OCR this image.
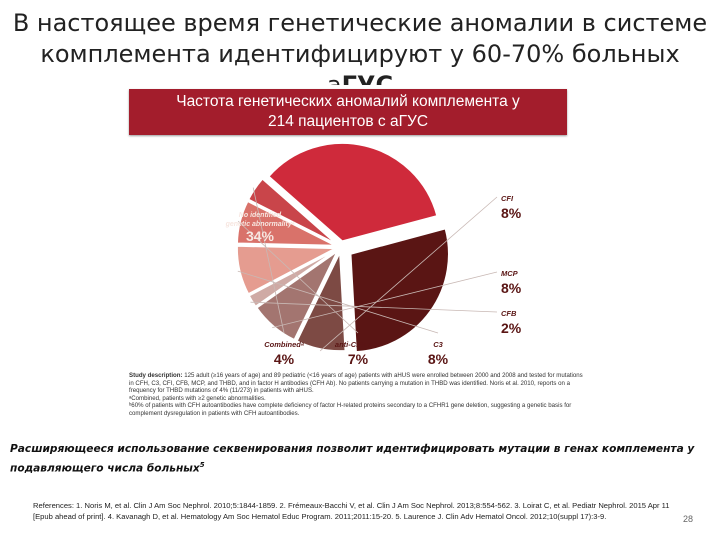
В настоящее время генетические аномалии в системе комплемента идентифицируют у 60-70% больных
Частота генетических аномалий комплемента у
214 пациентов с аГУС
CFI
8%
MCP
8%
CFB
2%
C3
8%
anti-CFH Abᵇ
7%
Combinedᵃ
4%
No identified
genetic abnormalityᵃ
34%

Study description: 125 adult (≥16 years of age) and 89 pediatric (<16 years of age) patients with aHUS were enrolled between 2000 and 2008 and tested for mutations in CFH, C3, CFI, CFB, MCP, and THBD, and in factor H antibodies (CFH Ab). No patients carrying a mutation in THBD was identified. Noris et al. 2010, reports on a frequency for THBD mutations of 4% (11/273) in patients with aHUS.

ᵃCombined, patients with ≥2 genetic abnormalities.

ᵇ60% of patients with CFH autoantibodies have complete deficiency of factor H-related proteins secondary to a CFHR1 gene deletion, suggesting a genetic basis for complement dysregulation in patients with CFH autoantibodies.

Расширяющееся использование секвенирования позволит идентифицировать мутации в генах комплемента у подавляющего числа больных$^5$
References: 1. Noris M, et al. Clin J Am Soc Nephrol. 2010;5:1844-1859. 2. Frémeaux-Bacchi V, et al. Clin J Am Soc Nephrol. 2013;8:554-562. 3. Loirat C, et al. Pediatr Nephrol. 2015 Apr 11 [Epub ahead of print]. 4. Kavanagh D, et al. Hematology Am Soc Hematol Educ Program. 2011;2011:15-20. 5. Laurence J. Clin Adv Hematol Oncol. 2012;10(suppl 17):3-9.	28
